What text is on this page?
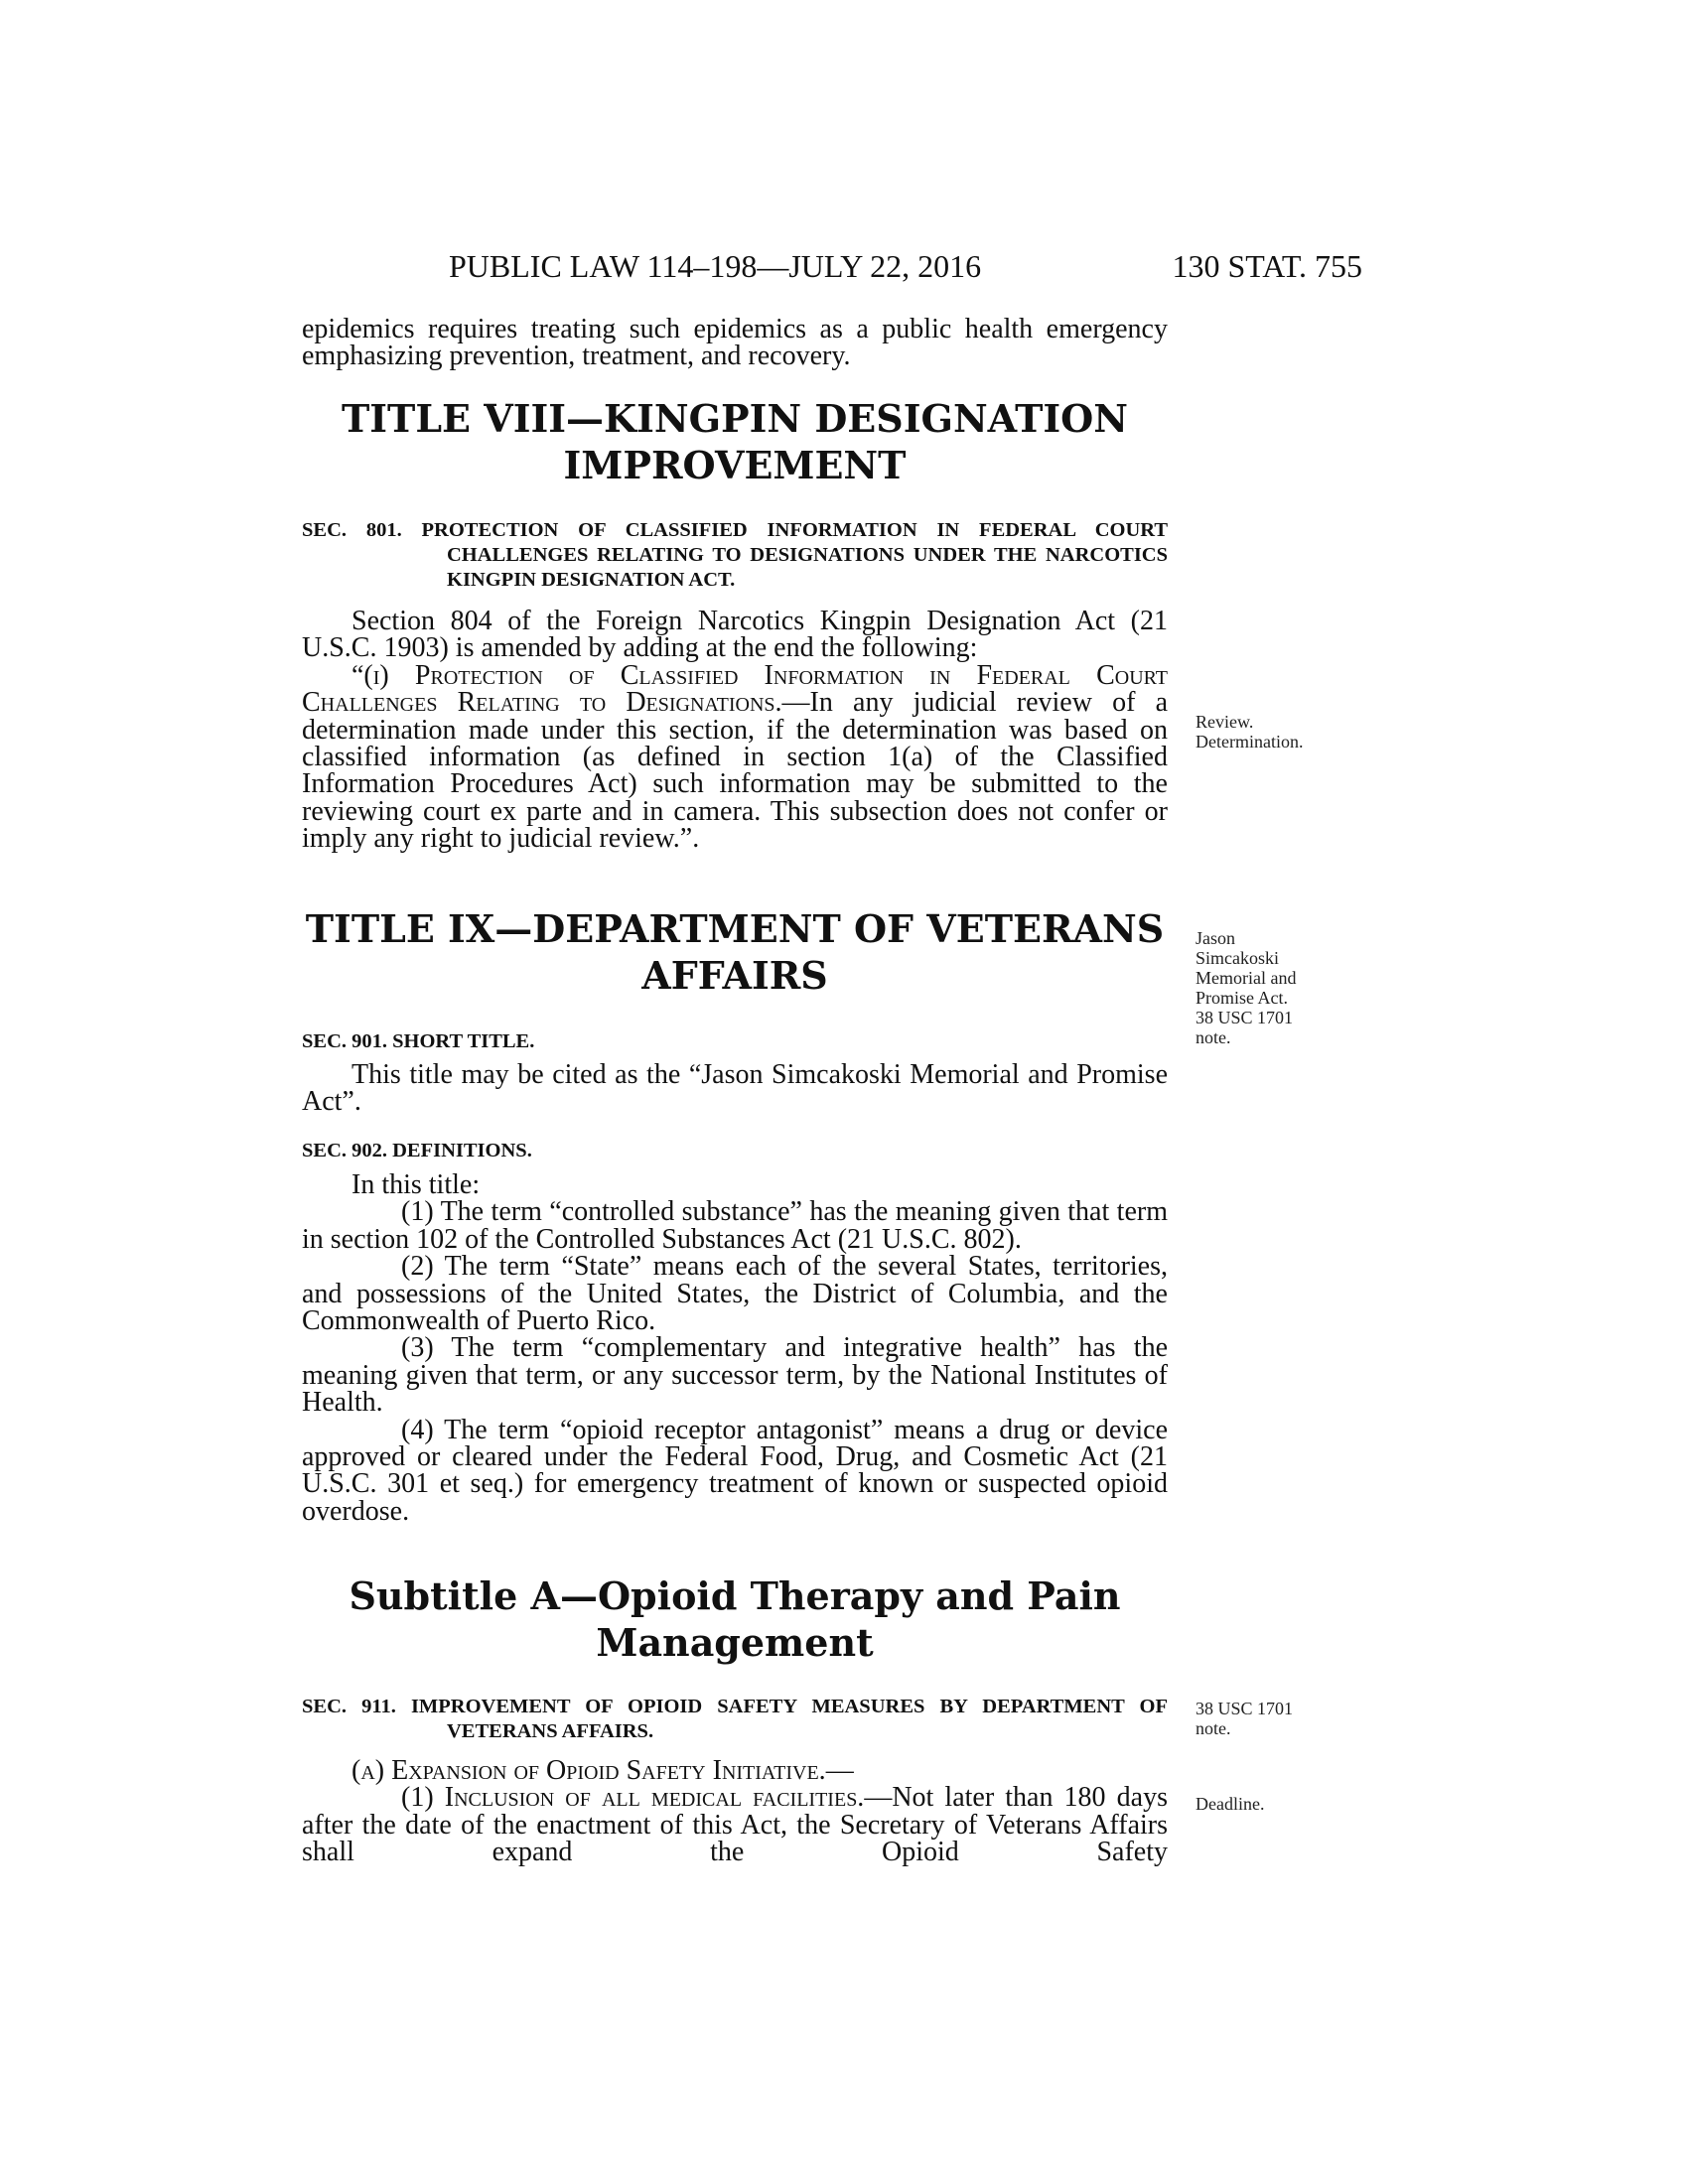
PUBLIC LAW 114–198—JULY 22, 2016	130 STAT. 755
epidemics requires treating such epidemics as a public health emergency emphasizing prevention, treatment, and recovery.
TITLE VIII—KINGPIN DESIGNATION
IMPROVEMENT
SEC. 801. PROTECTION OF CLASSIFIED INFORMATION IN FEDERAL COURT CHALLENGES RELATING TO DESIGNATIONS UNDER THE NARCOTICS KINGPIN DESIGNATION ACT.
Section 804 of the Foreign Narcotics Kingpin Designation Act (21 U.S.C. 1903) is amended by adding at the end the following:
“(i) Protection of Classified Information in Federal Court Challenges Relating to Designations.—In any judicial review of a determination made under this section, if the determination was based on classified information (as defined in section 1(a) of the Classified Information Procedures Act) such information may be submitted to the reviewing court ex parte and in camera. This subsection does not confer or imply any right to judicial review.”.
TITLE IX—DEPARTMENT OF VETERANS
AFFAIRS
SEC. 901. SHORT TITLE.
This title may be cited as the “Jason Simcakoski Memorial and Promise Act”.
SEC. 902. DEFINITIONS.
In this title:
(1) The term “controlled substance” has the meaning given that term in section 102 of the Controlled Substances Act (21 U.S.C. 802).
(2) The term “State” means each of the several States, territories, and possessions of the United States, the District of Columbia, and the Commonwealth of Puerto Rico.
(3) The term “complementary and integrative health” has the meaning given that term, or any successor term, by the National Institutes of Health.
(4) The term “opioid receptor antagonist” means a drug or device approved or cleared under the Federal Food, Drug, and Cosmetic Act (21 U.S.C. 301 et seq.) for emergency treatment of known or suspected opioid overdose.
Subtitle A—Opioid Therapy and Pain
Management
SEC. 911. IMPROVEMENT OF OPIOID SAFETY MEASURES BY DEPARTMENT OF VETERANS AFFAIRS.
(a) Expansion of Opioid Safety Initiative.—
(1) Inclusion of all medical facilities.—Not later than 180 days after the date of the enactment of this Act, the Secretary of Veterans Affairs shall expand the Opioid Safety
Review.
Determination.
Jason
Simcakoski
Memorial and
Promise Act.
38 USC 1701
note.
38 USC 1701
note.
Deadline.
